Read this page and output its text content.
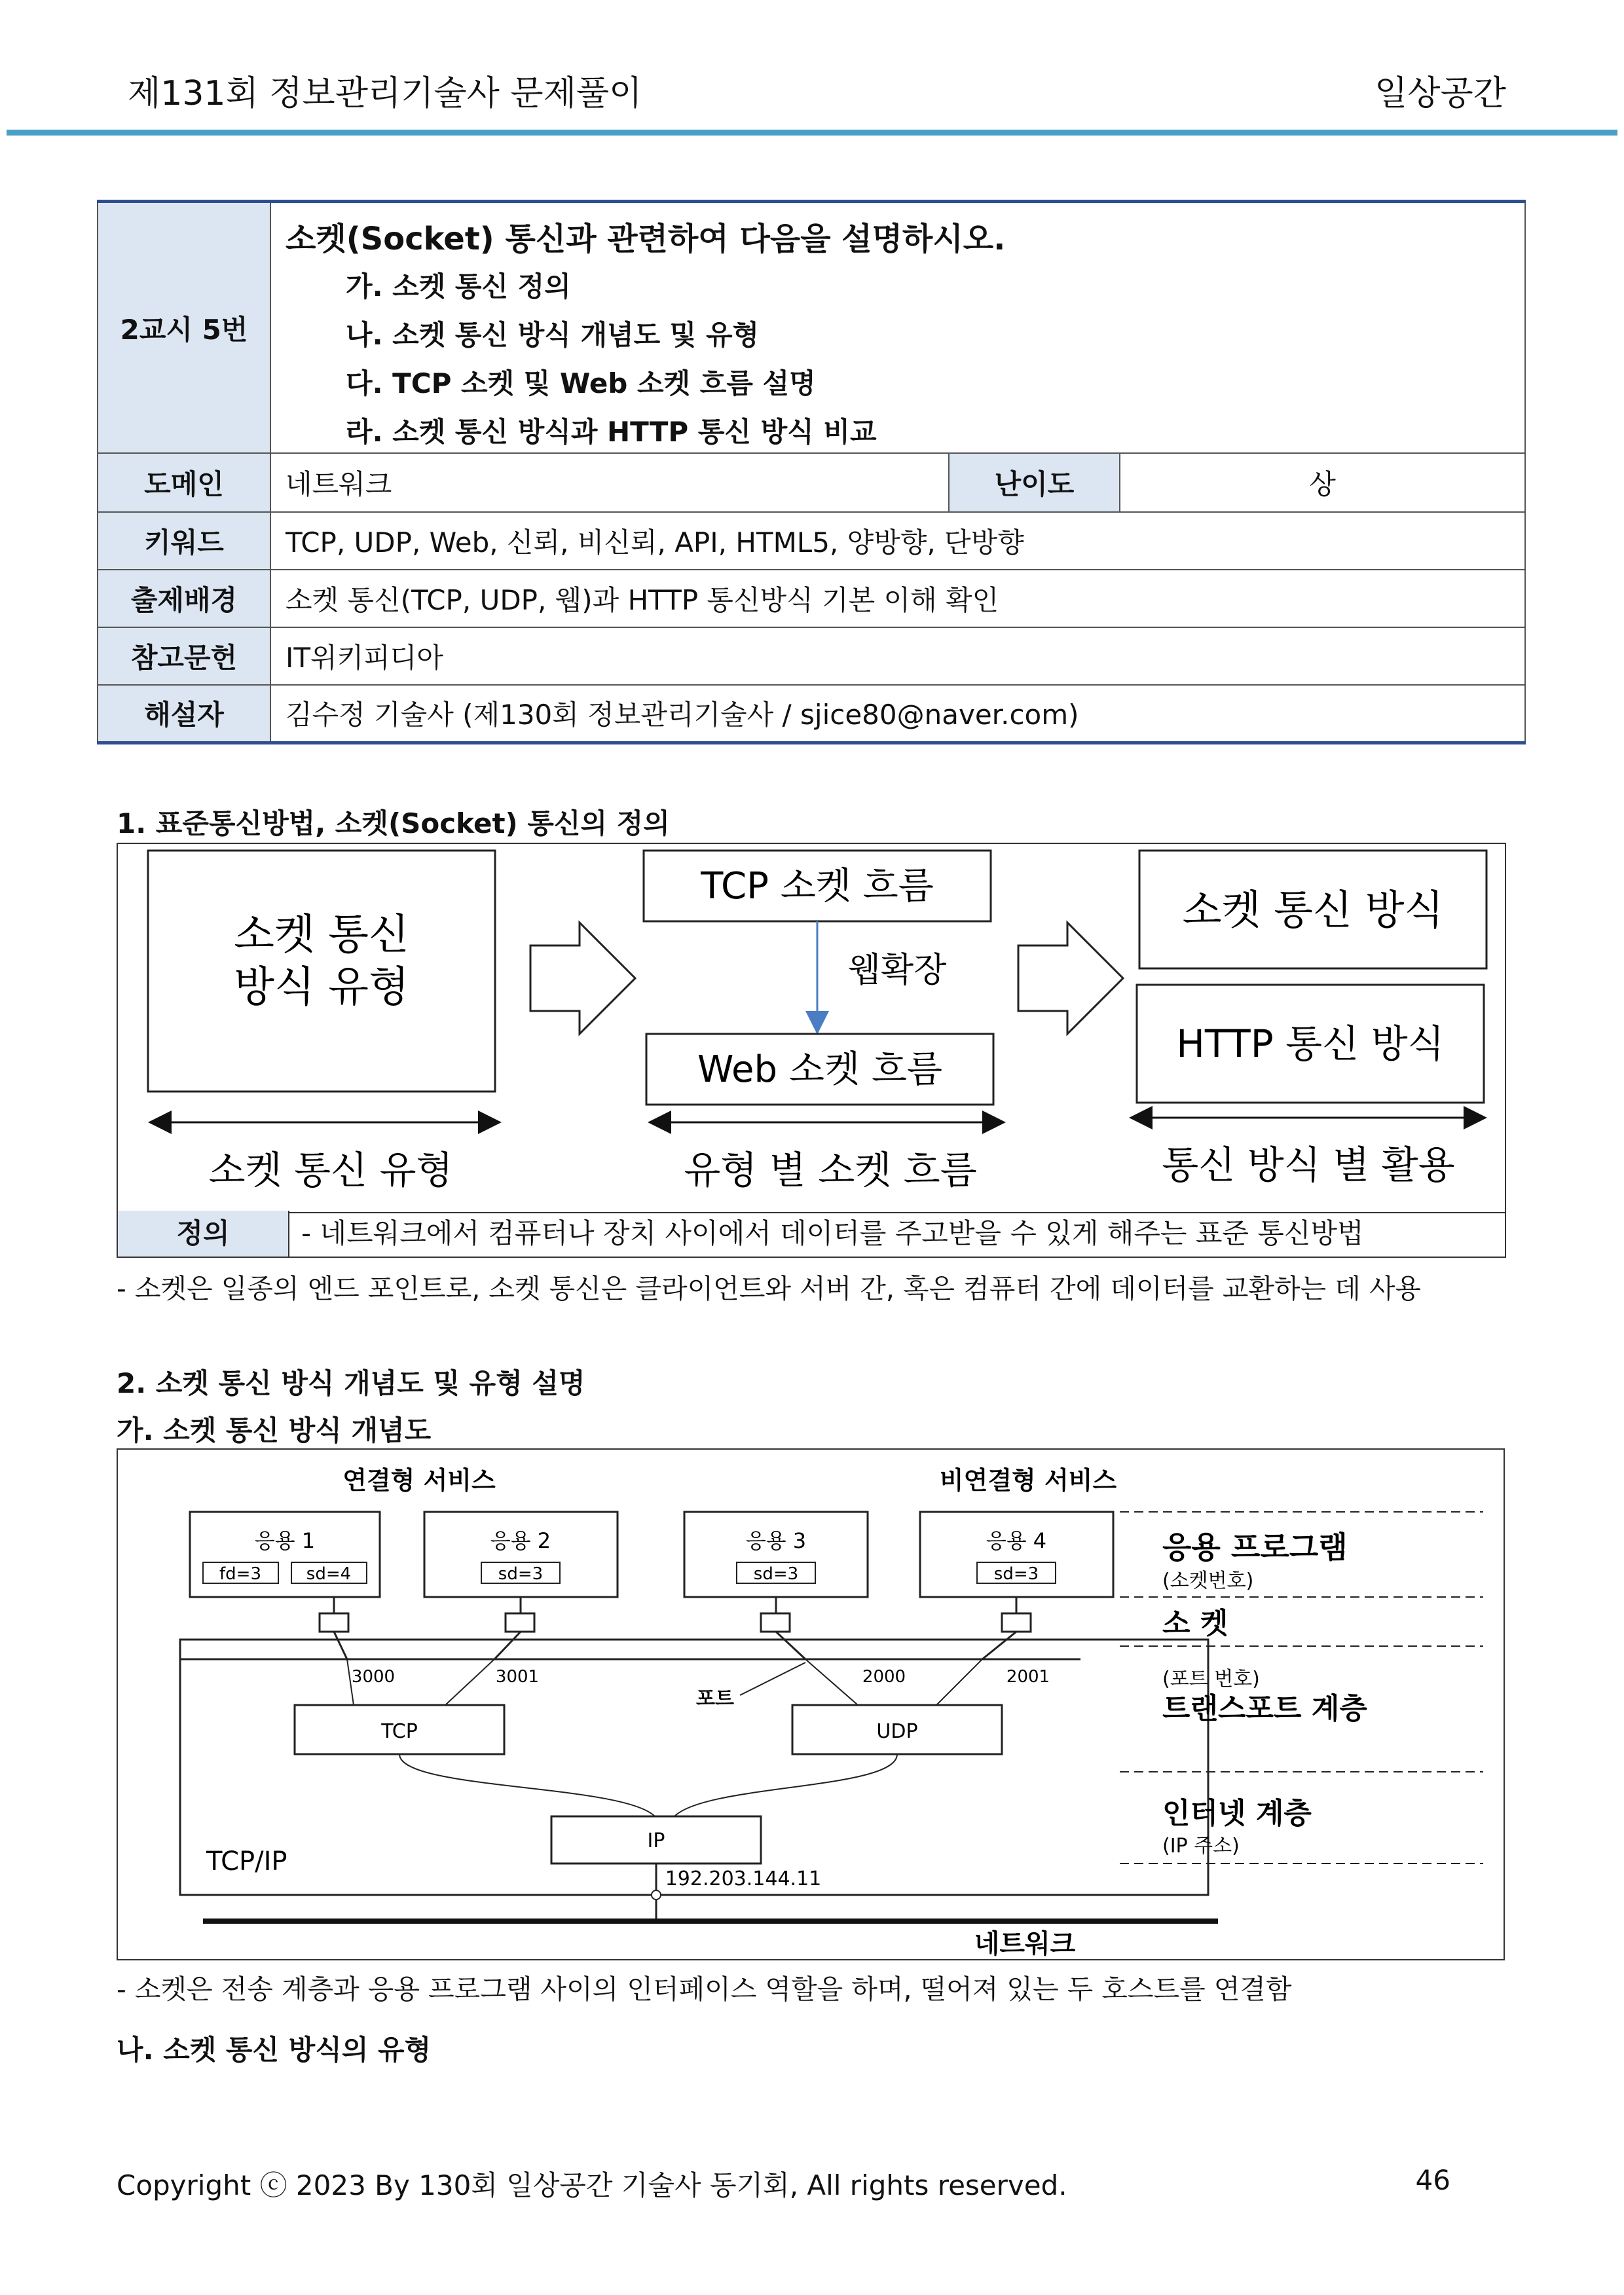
제131회 정보관리기술사 문제풀이	일상공간
2교시 5번	소켓(Socket) 통신과 관련하여 다음을 설명하시오.
가. 소켓 통신 정의
나. 소켓 통신 방식 개념도 및 유형
다. TCP 소켓 및 Web 소켓 흐름 설명
라. 소켓 통신 방식과 HTTP 통신 방식 비교		

도메인	네트워크	난이도	상
키워드	TCP, UDP, Web, 신뢰, 비신뢰, API, HTML5, 양방향, 단방향		
출제배경	소켓 통신(TCP, UDP, 웹)과 HTTP 통신방식 기본 이해 확인		
참고문헌	IT위키피디아		
해설자	김수정 기술사 (제130회 정보관리기술사 / sjice80@naver.com)		
1. 표준통신방법, 소켓(Socket) 통신의 정의
소켓 통신
방식 유형
TCP 소켓 흐름
웹확장
Web 소켓 흐름
소켓 통신 방식
HTTP 통신 방식
소켓 통신 유형	유형 별 소켓 흐름	통신 방식 별 활용
정의	- 네트워크에서 컴퓨터나 장치 사이에서 데이터를 주고받을 수 있게 해주는 표준 통신방법
- 소켓은 일종의 엔드 포인트로, 소켓 통신은 클라이언트와 서버 간, 혹은 컴퓨터 간에 데이터를 교환하는 데 사용
2. 소켓 통신 방식 개념도 및 유형 설명
가. 소켓 통신 방식 개념도
연결형 서비스	비연결형 서비스
응용 1
fd=3	sd=4
응용 2
sd=3
응용 3
sd=3
응용 4
sd=3
3000	3001	2000	2001
포트
TCP	UDP
IP
192.203.144.11
TCP/IP
네트워크
응용 프로그램
(소켓번호)
소 켓
(포트 번호)
트랜스포트 계층
인터넷 계층
(IP 주소)
- 소켓은 전송 계층과 응용 프로그램 사이의 인터페이스 역할을 하며, 떨어져 있는 두 호스트를 연결함
나. 소켓 통신 방식의 유형
Copyright ⓒ 2023 By 130회 일상공간 기술사 동기회, All rights reserved.	46
